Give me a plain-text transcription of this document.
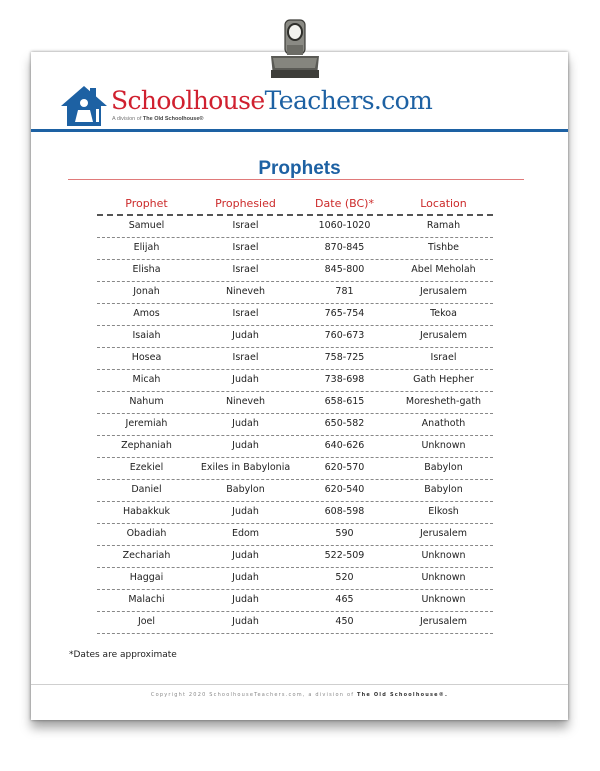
SchoolhouseTeachers.com
A division of The Old Schoolhouse®
Prophets
Prophet	Prophesied	Date (BC)*	Location
Samuel	Israel	1060-1020	Ramah
Elijah	Israel	870-845	Tishbe
Elisha	Israel	845-800	Abel Meholah
Jonah	Nineveh	781	Jerusalem
Amos	Israel	765-754	Tekoa
Isaiah	Judah	760-673	Jerusalem
Hosea	Israel	758-725	Israel
Micah	Judah	738-698	Gath Hepher
Nahum	Nineveh	658-615	Moresheth-gath
Jeremiah	Judah	650-582	Anathoth
Zephaniah	Judah	640-626	Unknown
Ezekiel	Exiles in Babylonia	620-570	Babylon
Daniel	Babylon	620-540	Babylon
Habakkuk	Judah	608-598	Elkosh
Obadiah	Edom	590	Jerusalem
Zechariah	Judah	522-509	Unknown
Haggai	Judah	520	Unknown
Malachi	Judah	465	Unknown
Joel	Judah	450	Jerusalem
*Dates are approximate
Copyright 2020 SchoolhouseTeachers.com, a division of The Old Schoolhouse®.
